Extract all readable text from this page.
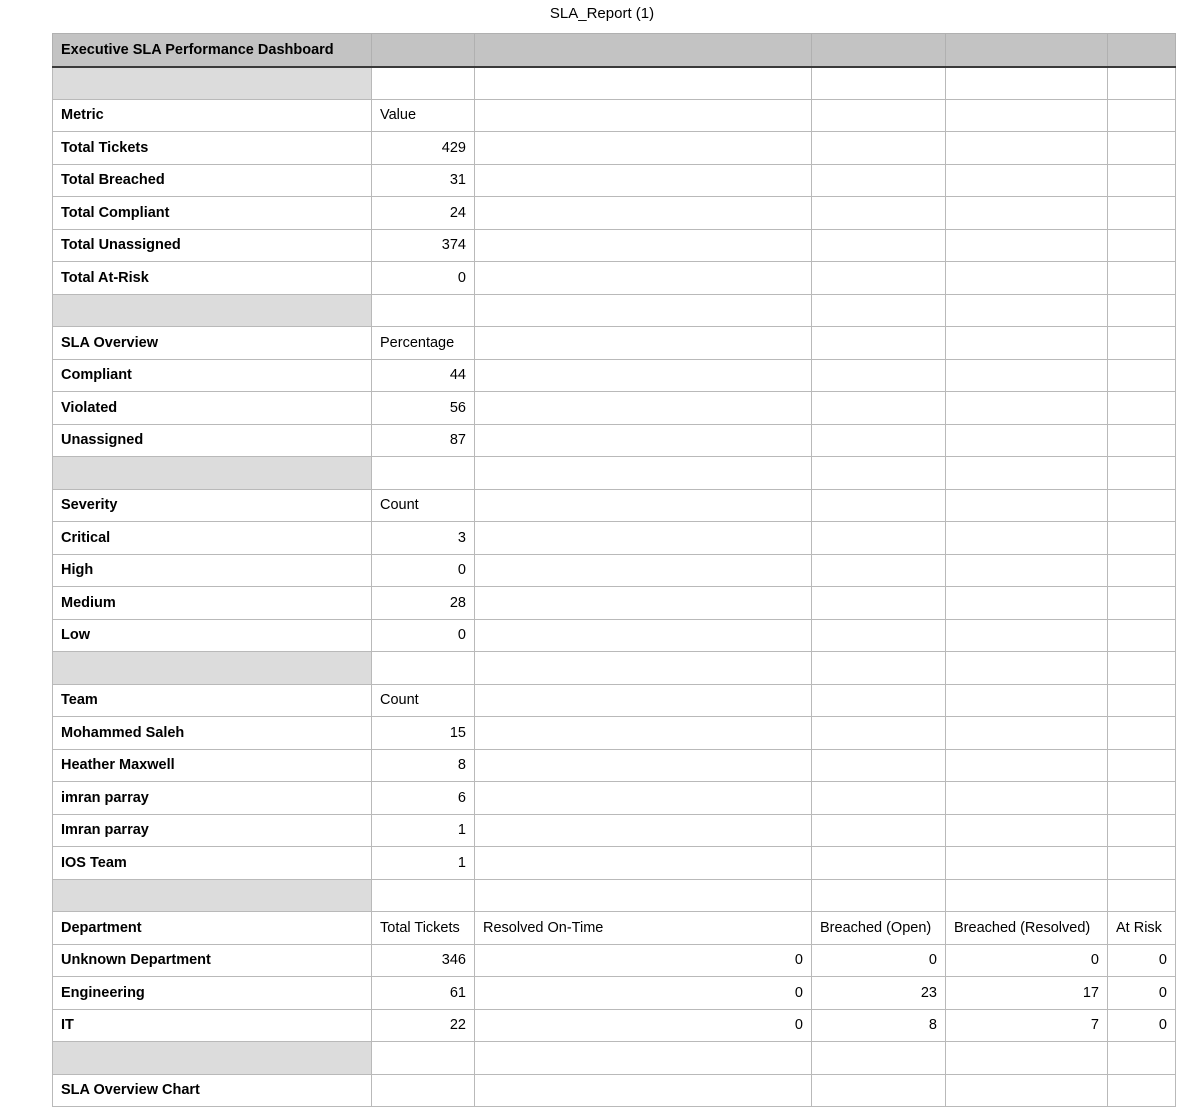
SLA_Report (1)
Executive SLA Performance Dashboard					

Metric	Value				
Total Tickets	429				
Total Breached	31				
Total Compliant	24				
Total Unassigned	374				
Total At-Risk	0				

SLA Overview	Percentage				
Compliant	44				
Violated	56				
Unassigned	87				

Severity	Count				
Critical	3				
High	0				
Medium	28				
Low	0				

Team	Count				
Mohammed Saleh	15				
Heather Maxwell	8				
imran parray	6				
Imran parray	1				
IOS Team	1				

Department	Total Tickets	Resolved On-Time	Breached (Open)	Breached (Resolved)	At Risk
Unknown Department	346	0	0	0	0
Engineering	61	0	23	17	0
IT	22	0	8	7	0

SLA Overview Chart					
